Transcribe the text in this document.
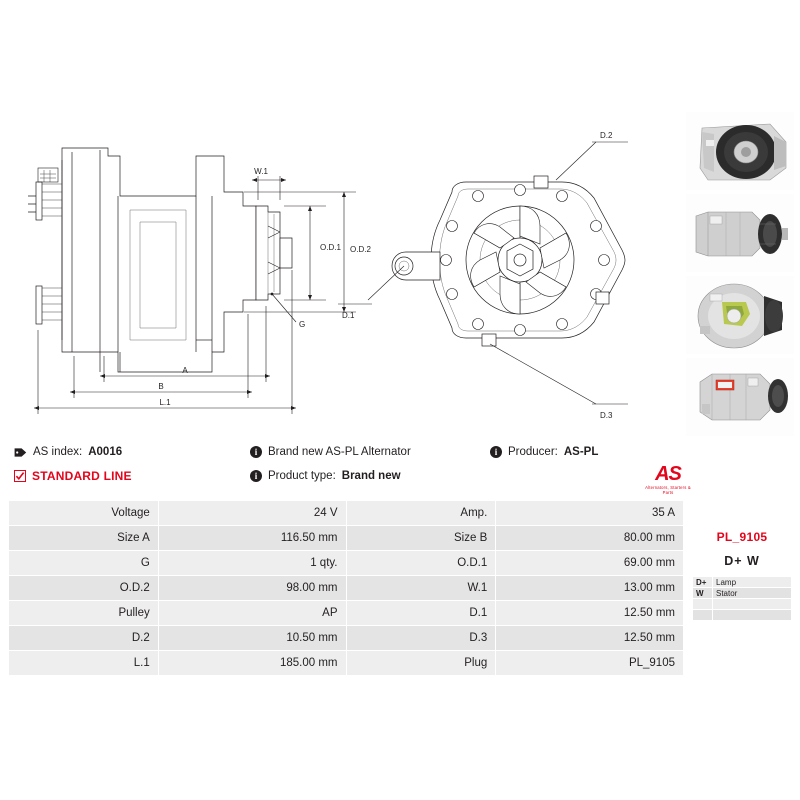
W.1
O.D.1 O.D.2
G
A
B
L.1
D.2
D.1
D.3
AS
Alternators, Starters & Parts
AS index: A0016	i Brand new AS-PL Alternator	i Producer: AS-PL
STANDARD LINE	i Product type: Brand new
Voltage	24 V	Amp.	35 A
Size A	116.50 mm	Size B	80.00 mm
G	1 qty.	O.D.1	69.00 mm
O.D.2	98.00 mm	W.1	13.00 mm
Pulley	AP	D.1	12.50 mm
D.2	10.50 mm	D.3	12.50 mm
L.1	185.00 mm	Plug	PL_9105
PL_9105
D+ W
D+	Lamp
W	Stator
